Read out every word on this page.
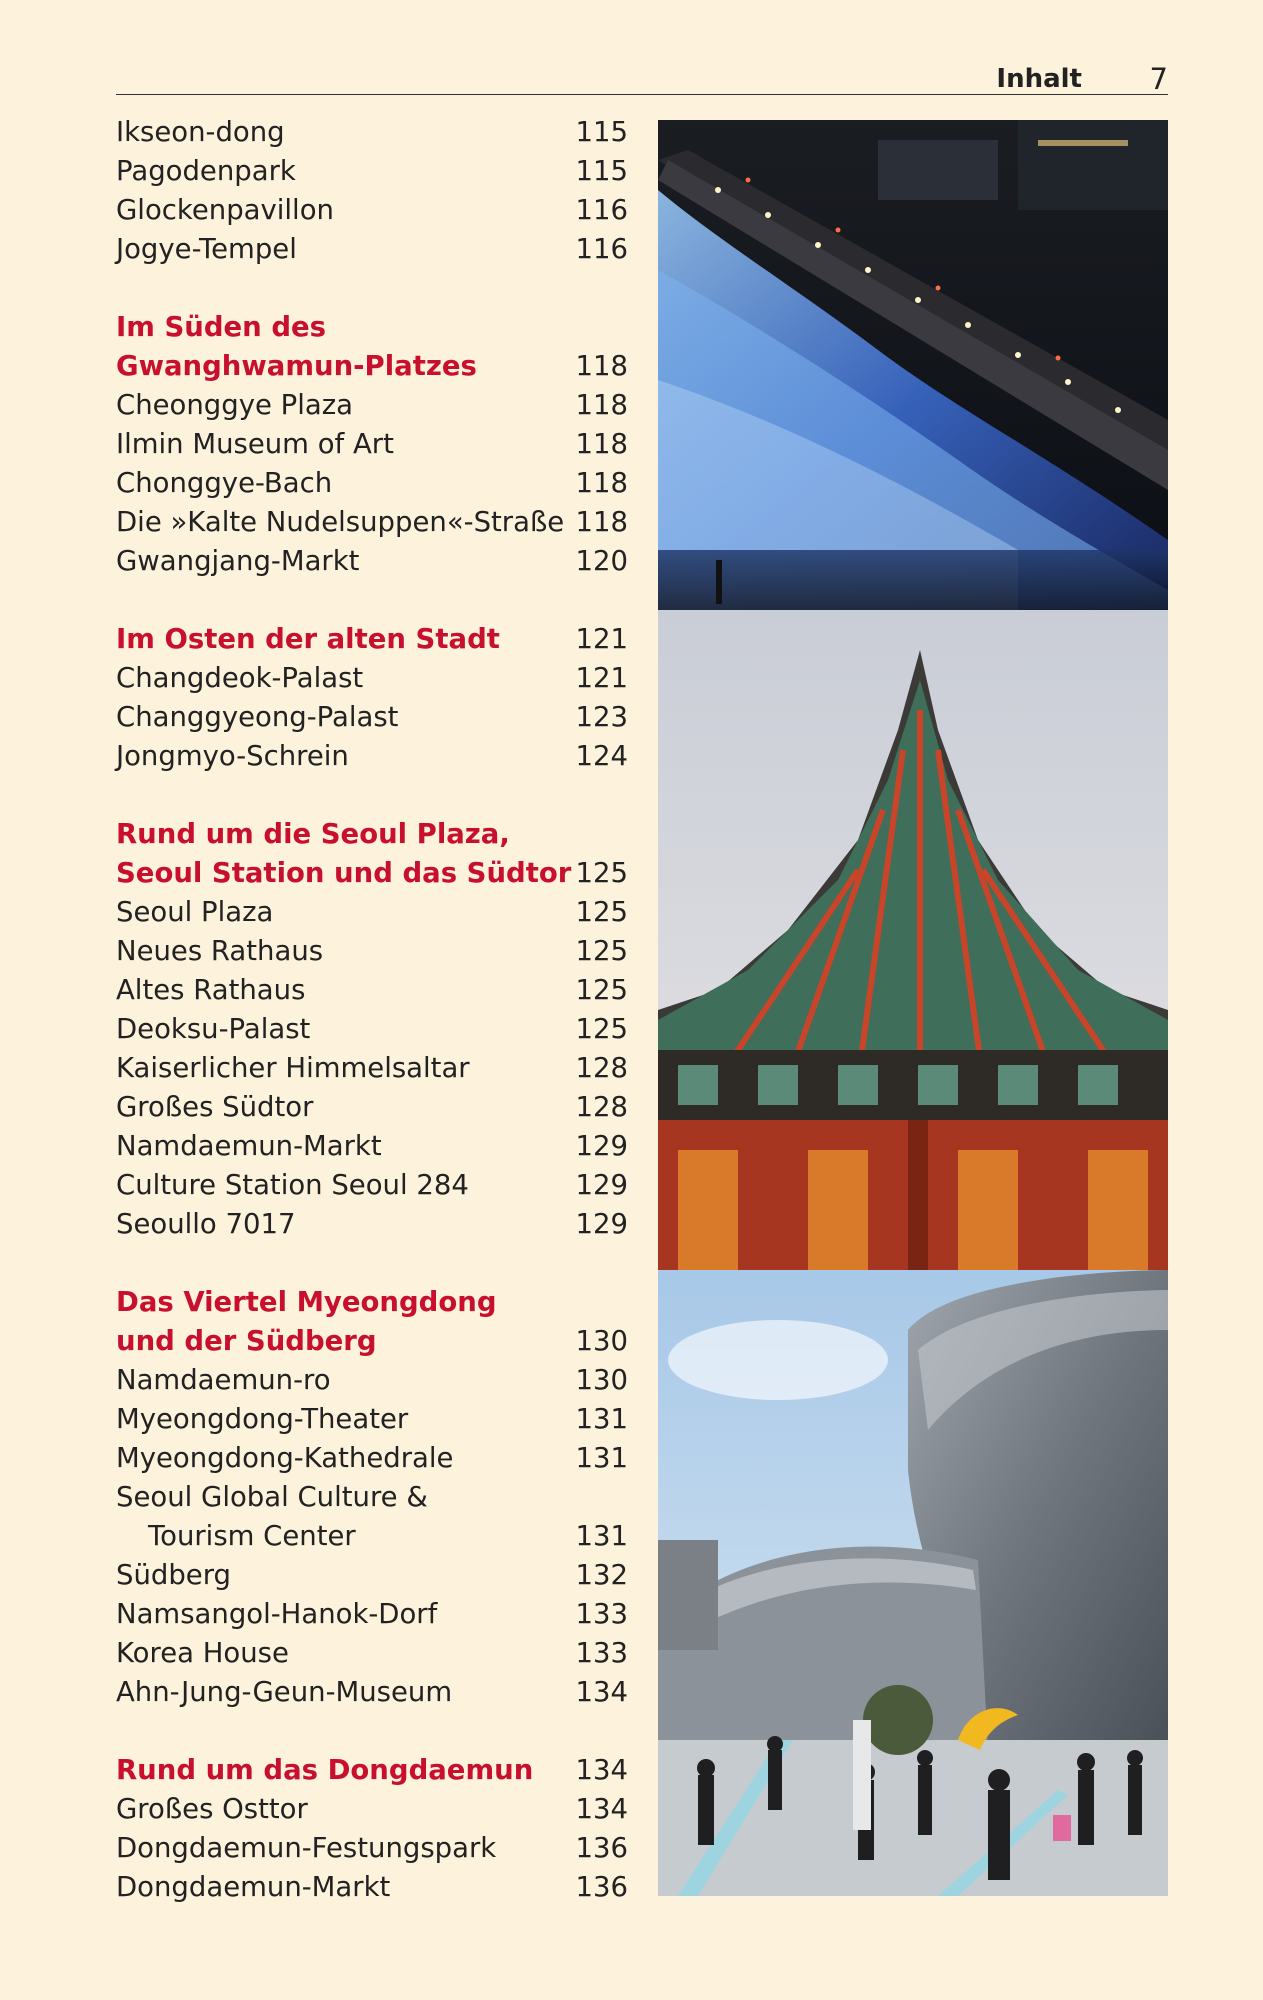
Inhalt 7
Ikseon-dong	115
Pagodenpark	115
Glockenpavillon	116
Jogye-Tempel	116
Im Süden des
Gwanghwamun-Platzes	118
Cheonggye Plaza	118
Ilmin Museum of Art	118
Chonggye-Bach	118
Die »Kalte Nudelsuppen«-Straße 118
Gwangjang-Markt	120
Im Osten der alten Stadt	121
Changdeok-Palast	121
Changgyeong-Palast	123
Jongmyo-Schrein	124
Rund um die Seoul Plaza,
Seoul Station und das Südtor 125
Seoul Plaza	125
Neues Rathaus	125
Altes Rathaus	125
Deoksu-Palast	125
Kaiserlicher Himmelsaltar	128
Großes Südtor	128
Namdaemun-Markt	129
Culture Station Seoul 284	129
Seoullo 7017	129
Das Viertel Myeongdong
und der Südberg	130
Namdaemun-ro	130
Myeongdong-Theater	131
Myeongdong-Kathedrale	131
Seoul Global Culture &
Tourism Center	131
Südberg	132
Namsangol-Hanok-Dorf	133
Korea House	133
Ahn-Jung-Geun-Museum	134
Rund um das Dongdaemun 134
Großes Osttor	134
Dongdaemun-Festungspark	136
Dongdaemun-Markt	136
